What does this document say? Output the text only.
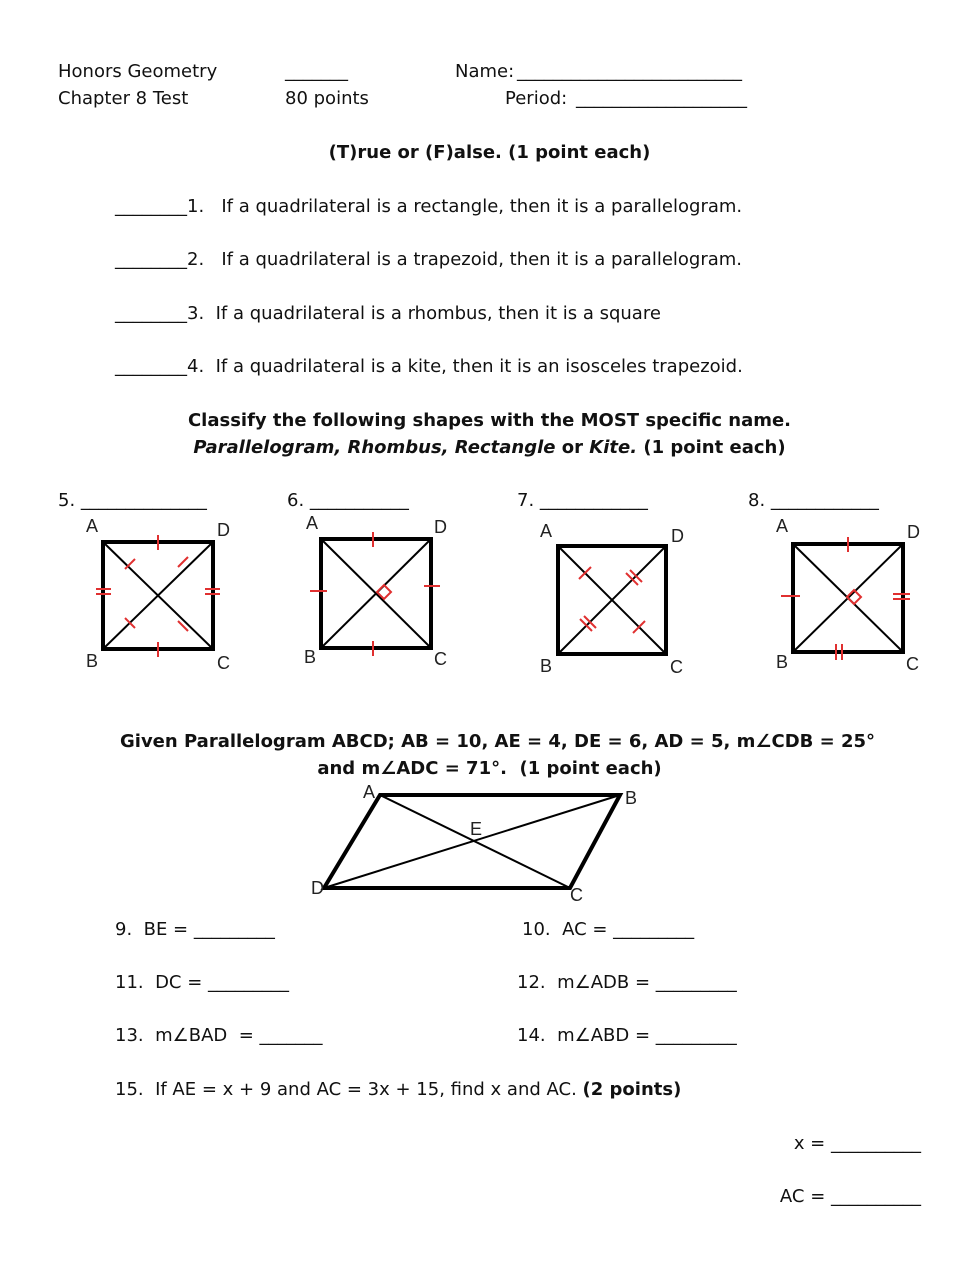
Honors Geometry
Chapter 8 Test
_______
80 points
Name: _________________________
Period: ___________________
(T)rue or (F)alse. (1 point each)
________1.   If a quadrilateral is a rectangle, then it is a parallelogram.
________2.   If a quadrilateral is a trapezoid, then it is a parallelogram.
________3.  If a quadrilateral is a rhombus, then it is a square
________4.  If a quadrilateral is a kite, then it is an isosceles trapezoid.
Classify the following shapes with the MOST specific name.
Parallelogram, Rhombus, Rectangle or Kite. (1 point each)
5. ______________	6. ___________	7. ____________	8. ____________
A	D
B	C
A	D
B	C
A	D
B	C
A	D
B	C
Given Parallelogram ABCD; AB = 10, AE = 4, DE = 6, AD = 5, m∠CDB = 25°
and m∠ADC = 71°.  (1 point each)
A	B
C
D
E
9.  BE = _________	10.  AC = _________
11.  DC = _________	12.  m∠ADB = _________
13.  m∠BAD  = _______	14.  m∠ABD = _________
15.  If AE = x + 9 and AC = 3x + 15, find x and AC. (2 points)
x = __________
AC = __________
